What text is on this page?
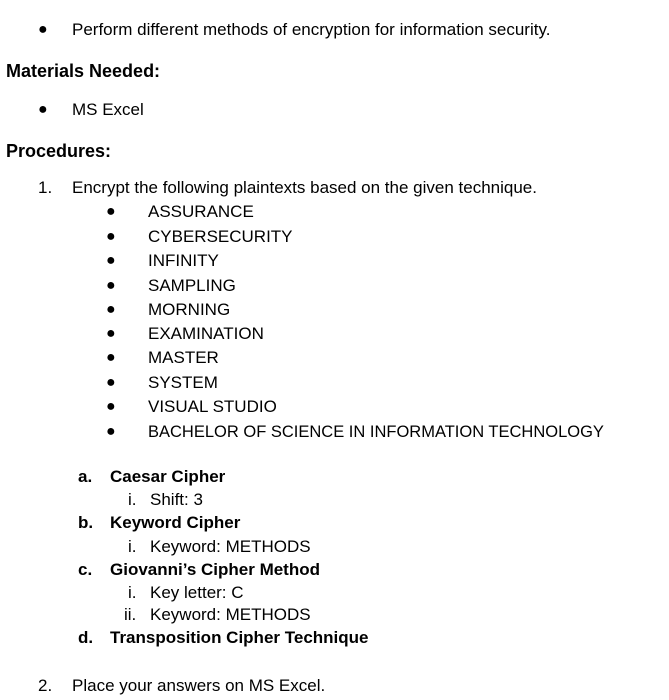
● Perform different methods of encryption for information security.
Materials Needed:
● MS Excel
Procedures:
1. Encrypt the following plaintexts based on the given technique.
● ASSURANCE
● CYBERSECURITY
● INFINITY
● SAMPLING
● MORNING
● EXAMINATION
● MASTER
● SYSTEM
● VISUAL STUDIO
● BACHELOR OF SCIENCE IN INFORMATION TECHNOLOGY
a. Caesar Cipher
i. Shift: 3
b. Keyword Cipher
i. Keyword: METHODS
c. Giovanni’s Cipher Method
i. Key letter: C
ii. Keyword: METHODS
d. Transposition Cipher Technique
2. Place your answers on MS Excel.
